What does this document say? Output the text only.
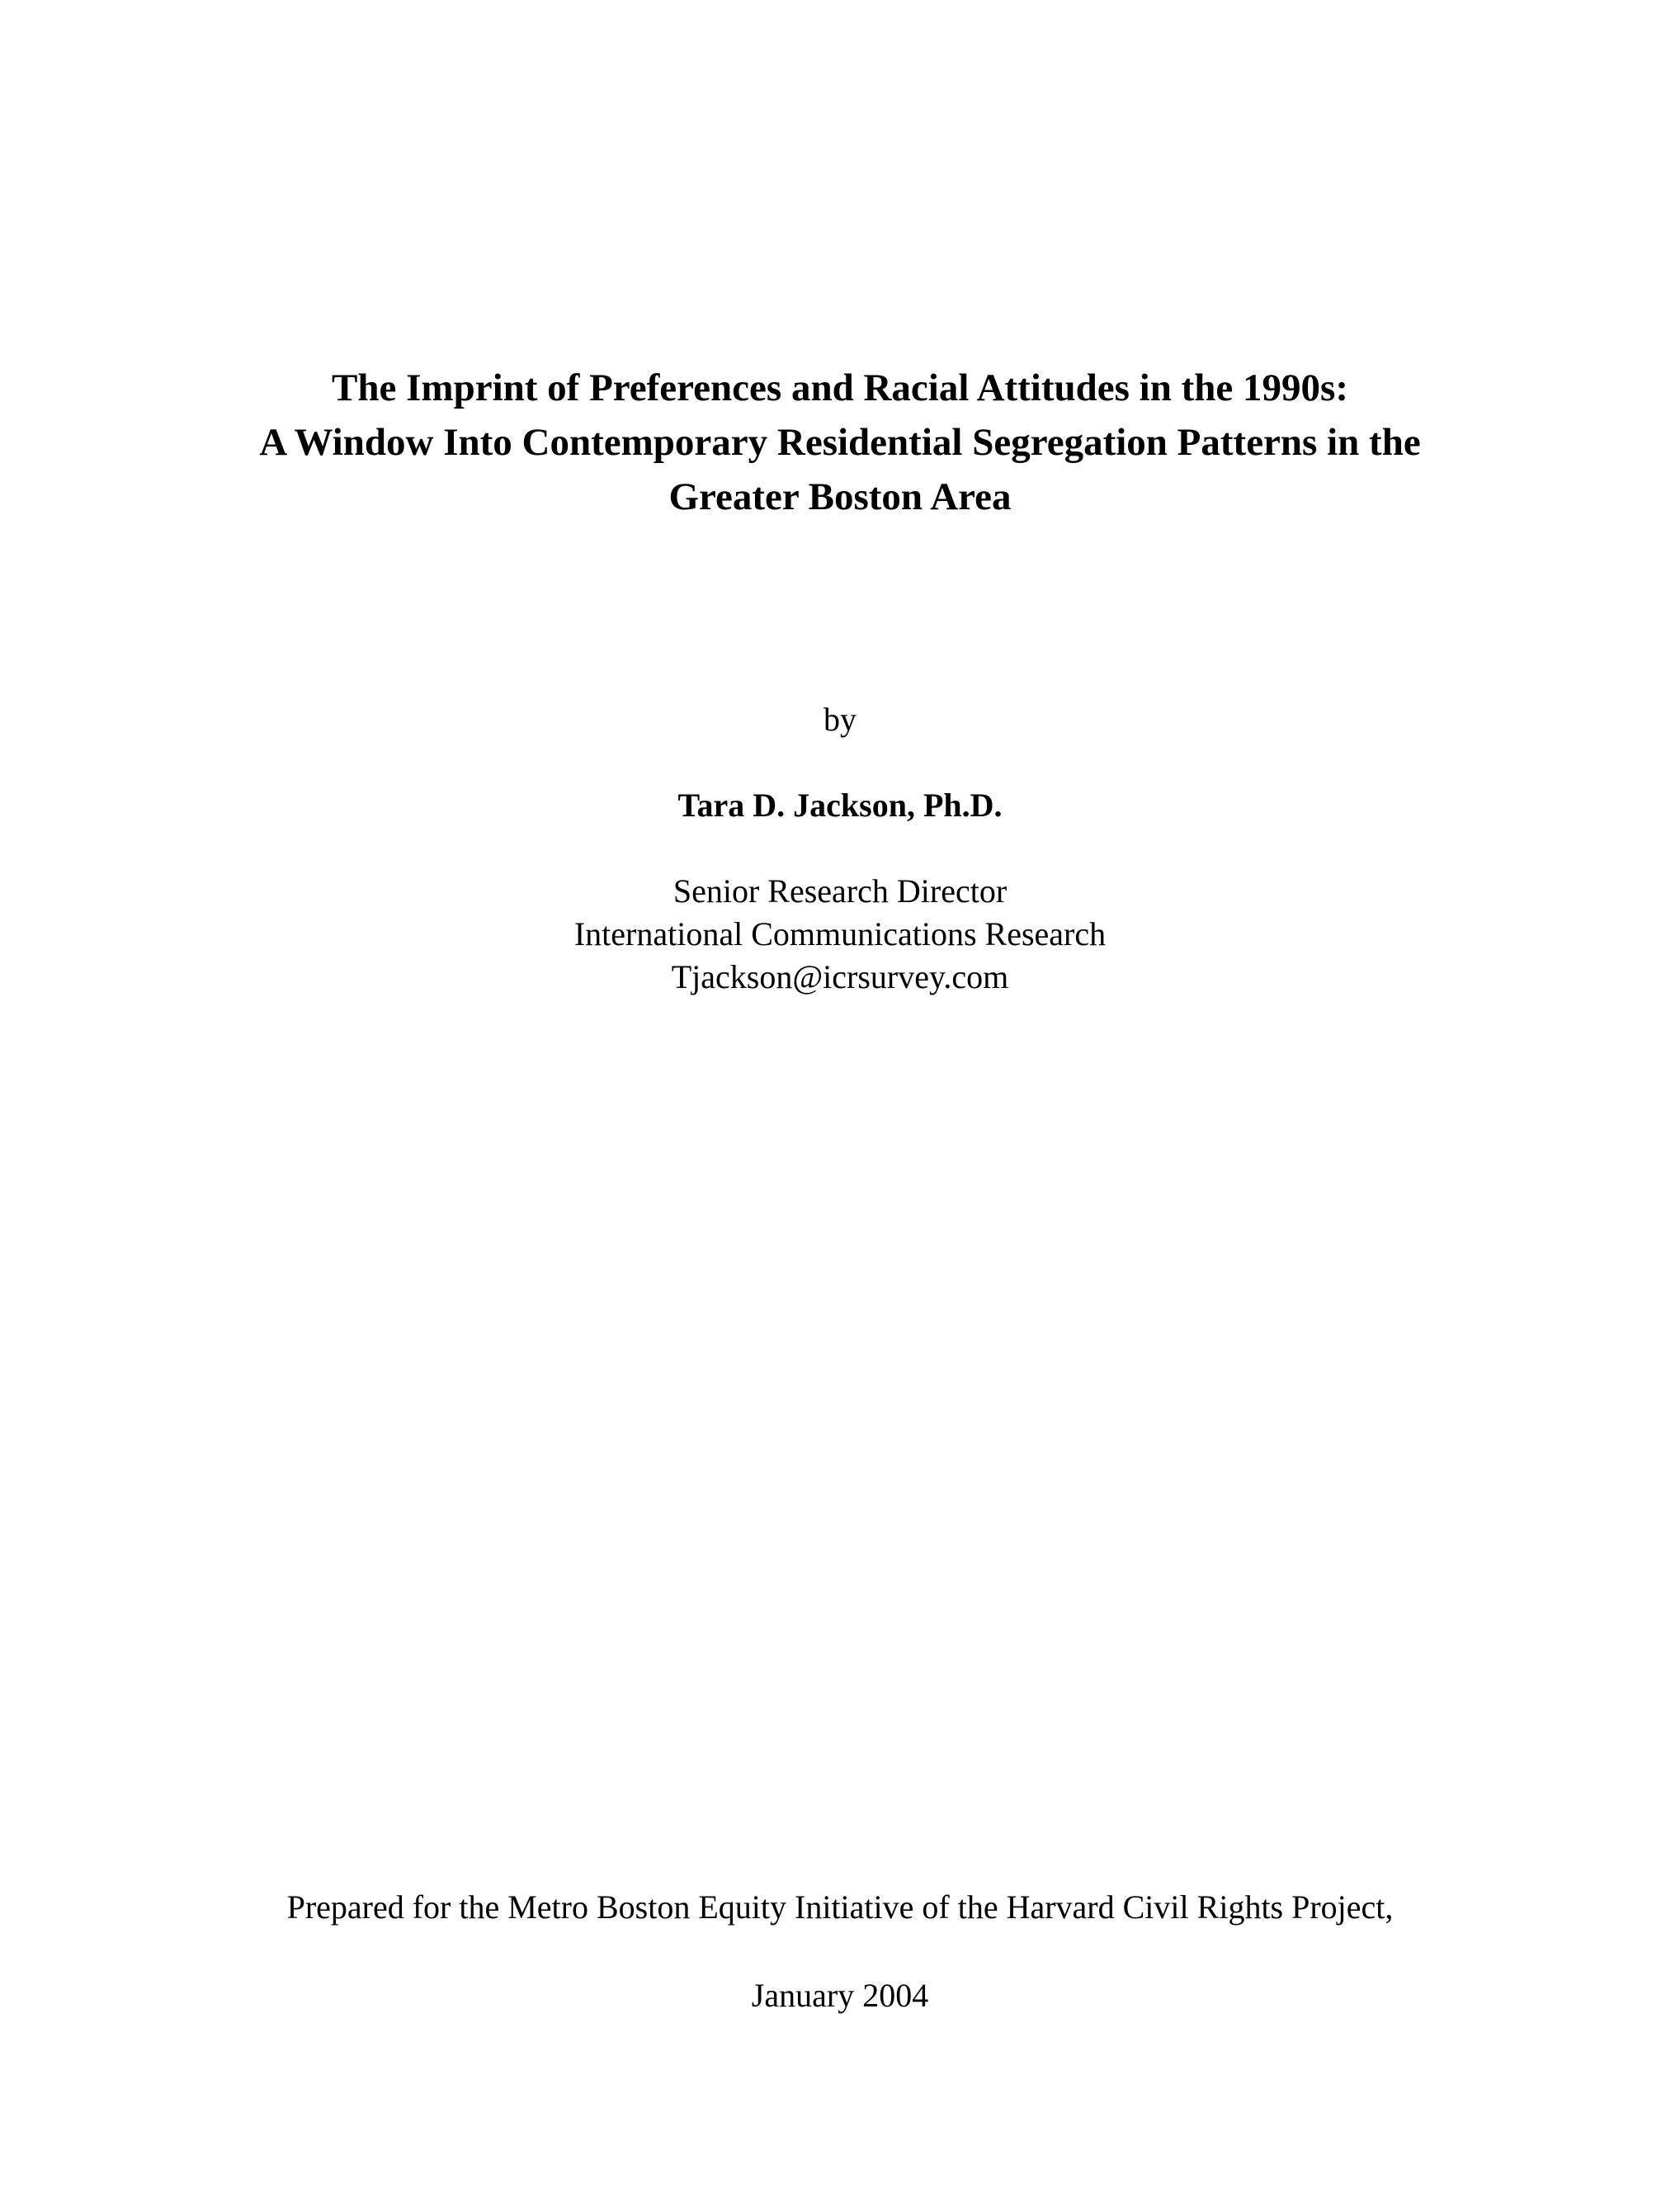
The Imprint of Preferences and Racial Attitudes in the 1990s:
A Window Into Contemporary Residential Segregation Patterns in the
Greater Boston Area
by
Tara D. Jackson, Ph.D.
Senior Research Director
International Communications Research
Tjackson@icrsurvey.com
Prepared for the Metro Boston Equity Initiative of the Harvard Civil Rights Project,
January 2004
